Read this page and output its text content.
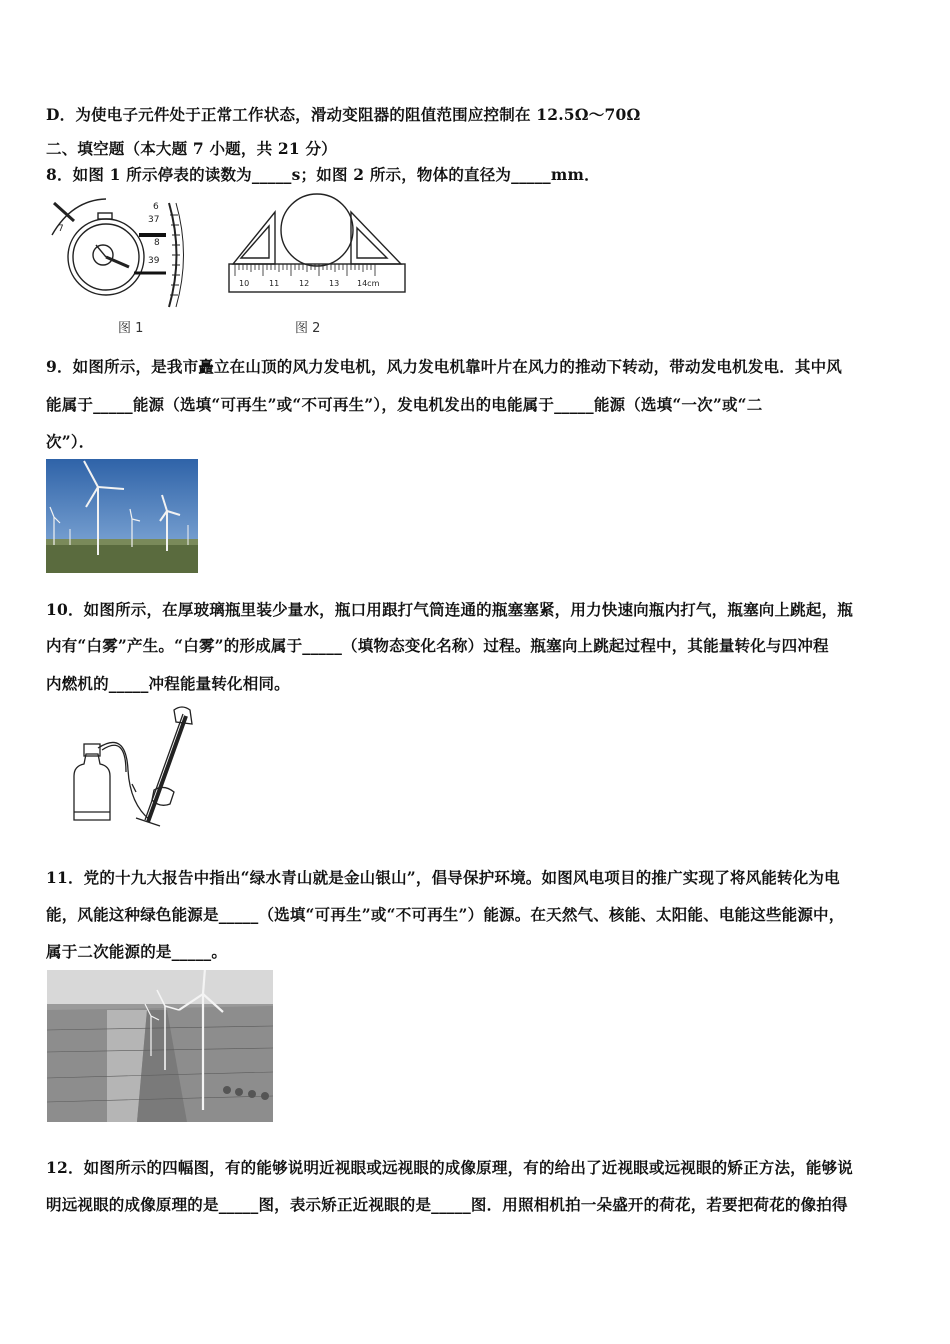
D．为使电子元件处于正常工作状态，滑动变阻器的阻值范围应控制在 12.5Ω～70Ω
二、填空题（本大题 7 小题，共 21 分）
8．如图 1 所示停表的读数为_____s；如图 2 所示，物体的直径为_____mm．
6
37
7
8
39
图 1
10 11 12 13 14cm
图 2
9．如图所示，是我市矗立在山顶的风力发电机，风力发电机靠叶片在风力的推动下转动，带动发电机发电．其中风
能属于_____能源（选填“可再生”或“不可再生”），发电机发出的电能属于_____能源（选填“一次”或“二
次”）．
10．如图所示，在厚玻璃瓶里装少量水，瓶口用跟打气筒连通的瓶塞塞紧，用力快速向瓶内打气，瓶塞向上跳起，瓶
内有“白雾”产生。“白雾”的形成属于_____（填物态变化名称）过程。瓶塞向上跳起过程中，其能量转化与四冲程
内燃机的_____冲程能量转化相同。
11．党的十九大报告中指出“绿水青山就是金山银山”，倡导保护环境。如图风电项目的推广实现了将风能转化为电
能，风能这种绿色能源是_____（选填“可再生”或“不可再生”）能源。在天然气、核能、太阳能、电能这些能源中，
属于二次能源的是_____。
12．如图所示的四幅图，有的能够说明近视眼或远视眼的成像原理，有的给出了近视眼或远视眼的矫正方法，能够说
明远视眼的成像原理的是_____图，表示矫正近视眼的是_____图．用照相机拍一朵盛开的荷花，若要把荷花的像拍得
